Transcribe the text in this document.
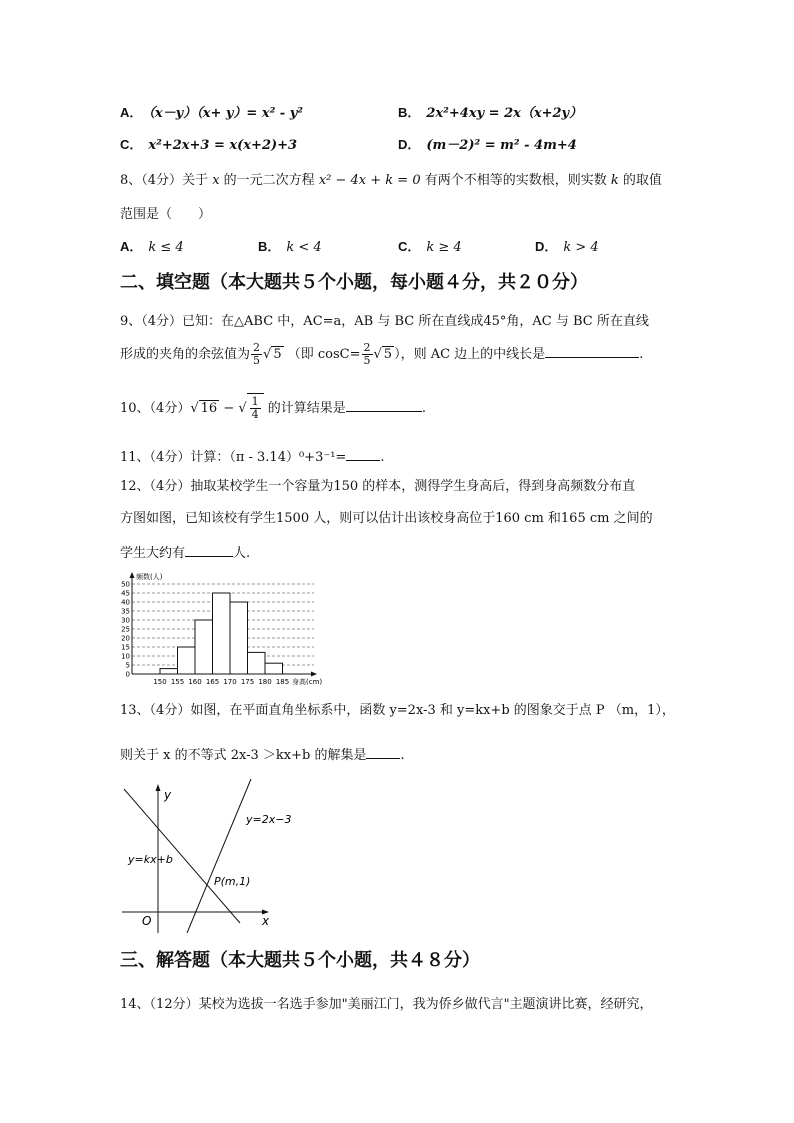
A． （x－y）（x+ y）= x² - y²	B． 2x²+4xy = 2x（x+2y）
C． x²+2x+3 = x(x+2)+3	D． (m－2)² = m² - 4m+4
8、（4分）关于 x 的一元二次方程 x² − 4x + k = 0 有两个不相等的实数根，则实数 k 的取值
范围是（　　）
A． k ≤ 4	B． k < 4	C． k ≥ 4	D． k > 4
二、填空题（本大题共５个小题，每小题４分，共２０分）
9、（4分）已知：在△ABC 中，AC=a，AB 与 BC 所在直线成45°角，AC 与 BC 所在直线
形成的夹角的余弦值为 $\frac{2}{5}$ √ 5 （即 $\cos C= \frac{2}{5}$ √ 5 ），则 AC 边上的中线长是	.
10、（4分）√ 16 − √ $\frac{1}{4}$ 的计算结果是	.
11、（4分）计算：（π - 3.14）⁰+3⁻¹=	.
12、（4分）抽取某校学生一个容量为150 的样本，测得学生身高后，得到身高频数分布直
方图如图，已知该校有学生1500 人，则可以估计出该校身高位于160 cm 和165 cm 之间的
学生大约有	人.
0
5
10
15
20
25
30
35
40
45
50
150 155 160 165 170 175 180 185
频数(人)
身高(cm)
13、（4分）如图，在平面直角坐标系中，函数 y=2x-3 和 y=kx+b 的图象交于点 P （m，1），
则关于 x 的不等式 2x-3 ＞kx+b 的解集是	.
y
x
O
y=2x−3
y=kx+b
P(m,1)
三、解答题（本大题共５个小题，共４８分）
14、（12分）某校为选拔一名选手参加"美丽江门，我为侨乡做代言"主题演讲比赛，经研究，
